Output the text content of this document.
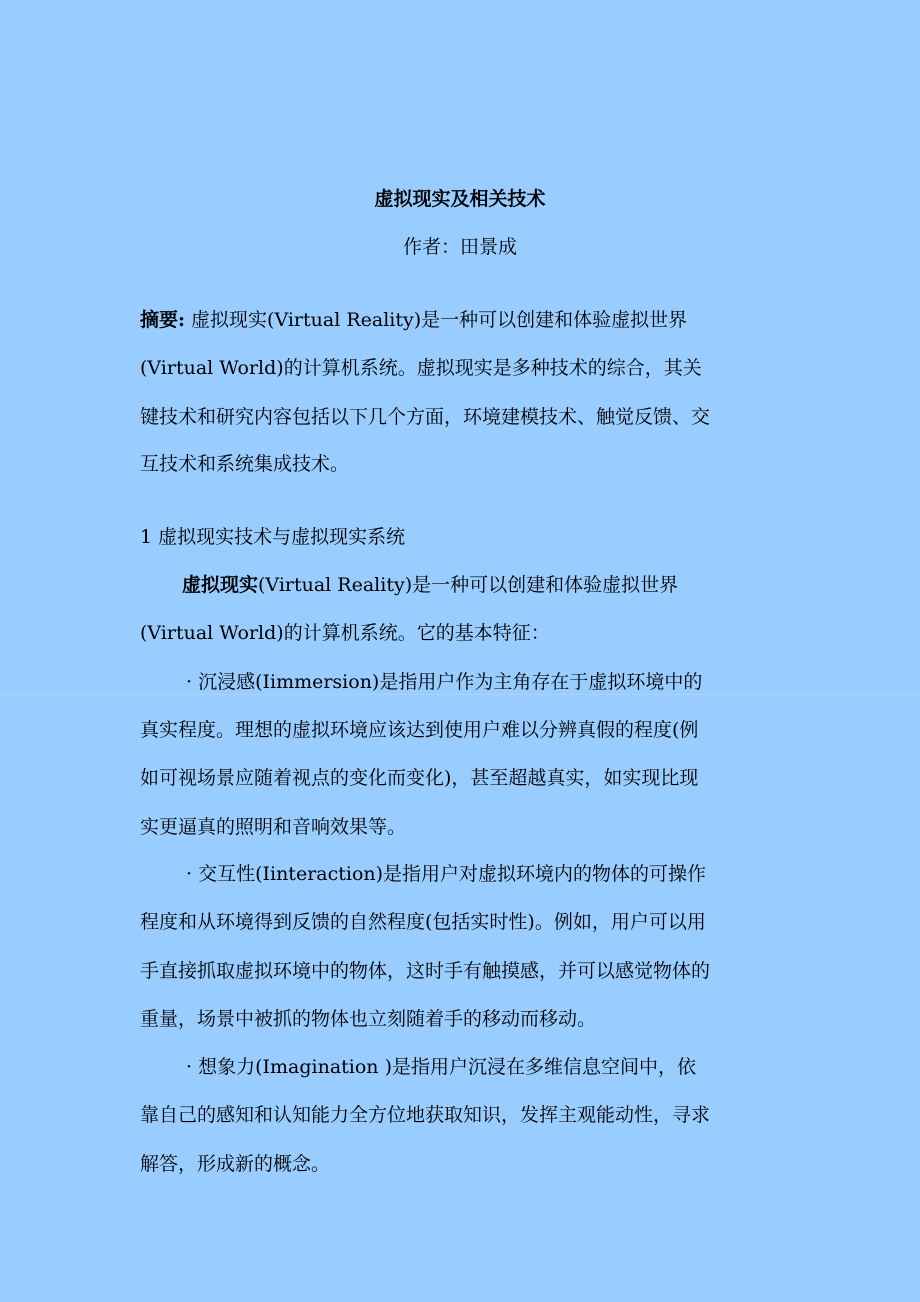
虚拟现实及相关技术
作者：田景成

摘要: 虚拟现实(Virtual Reality)是一种可以创建和体验虚拟世界

(Virtual World)的计算机系统。虚拟现实是多种技术的综合，其关

键技术和研究内容包括以下几个方面，环境建模技术、触觉反馈、交

互技术和系统集成技术。

1 虚拟现实技术与虚拟现实系统

虚拟现实(Virtual Reality)是一种可以创建和体验虚拟世界

(Virtual World)的计算机系统。它的基本特征：

· 沉浸感(Iimmersion)是指用户作为主角存在于虚拟环境中的

真实程度。理想的虚拟环境应该达到使用户难以分辨真假的程度(例

如可视场景应随着视点的变化而变化)，甚至超越真实，如实现比现

实更逼真的照明和音响效果等。

· 交互性(Iinteraction)是指用户对虚拟环境内的物体的可操作

程度和从环境得到反馈的自然程度(包括实时性)。例如，用户可以用

手直接抓取虚拟环境中的物体，这时手有触摸感，并可以感觉物体的

重量，场景中被抓的物体也立刻随着手的移动而移动。

· 想象力(Imagination )是指用户沉浸在多维信息空间中，依

靠自己的感知和认知能力全方位地获取知识，发挥主观能动性，寻求

解答，形成新的概念。
